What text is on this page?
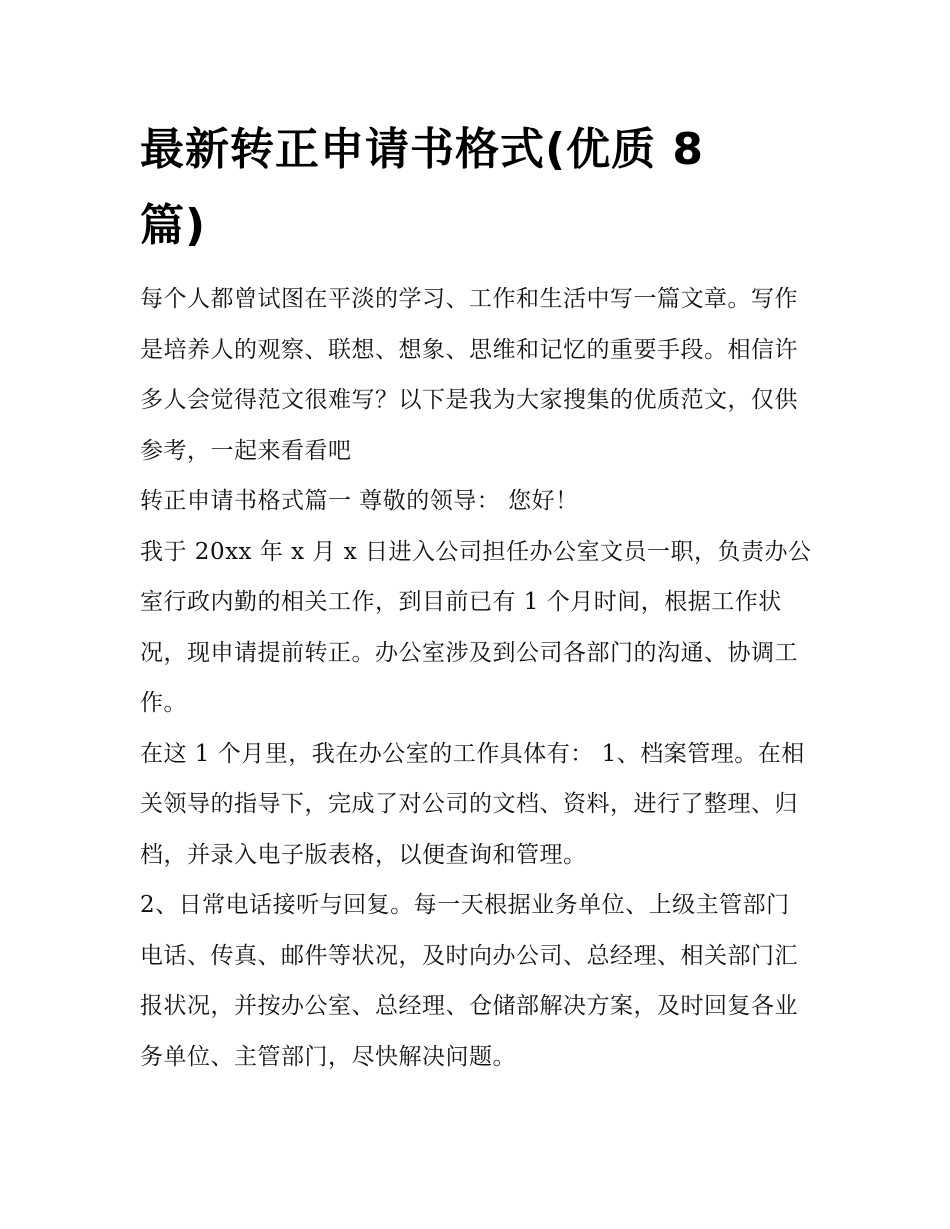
最新转正申请书格式(优质 8 篇)

每个人都曾试图在平淡的学习、工作和生活中写一篇文章。写作是培养人的观察、联想、想象、思维和记忆的重要手段。相信许多人会觉得范文很难写？以下是我为大家搜集的优质范文，仅供参考，一起来看看吧

转正申请书格式篇一 尊敬的领导： 您好！

我于 20xx 年 x 月 x 日进入公司担任办公室文员一职，负责办公室行政内勤的相关工作，到目前已有 1 个月时间，根据工作状况，现申请提前转正。办公室涉及到公司各部门的沟通、协调工作。

在这 1 个月里，我在办公室的工作具体有： 1、档案管理。在相关领导的指导下，完成了对公司的文档、资料，进行了整理、归档，并录入电子版表格，以便查询和管理。

2、日常电话接听与回复。每一天根据业务单位、上级主管部门电话、传真、邮件等状况，及时向办公司、总经理、相关部门汇报状况，并按办公室、总经理、仓储部解决方案，及时回复各业务单位、主管部门，尽快解决问题。
